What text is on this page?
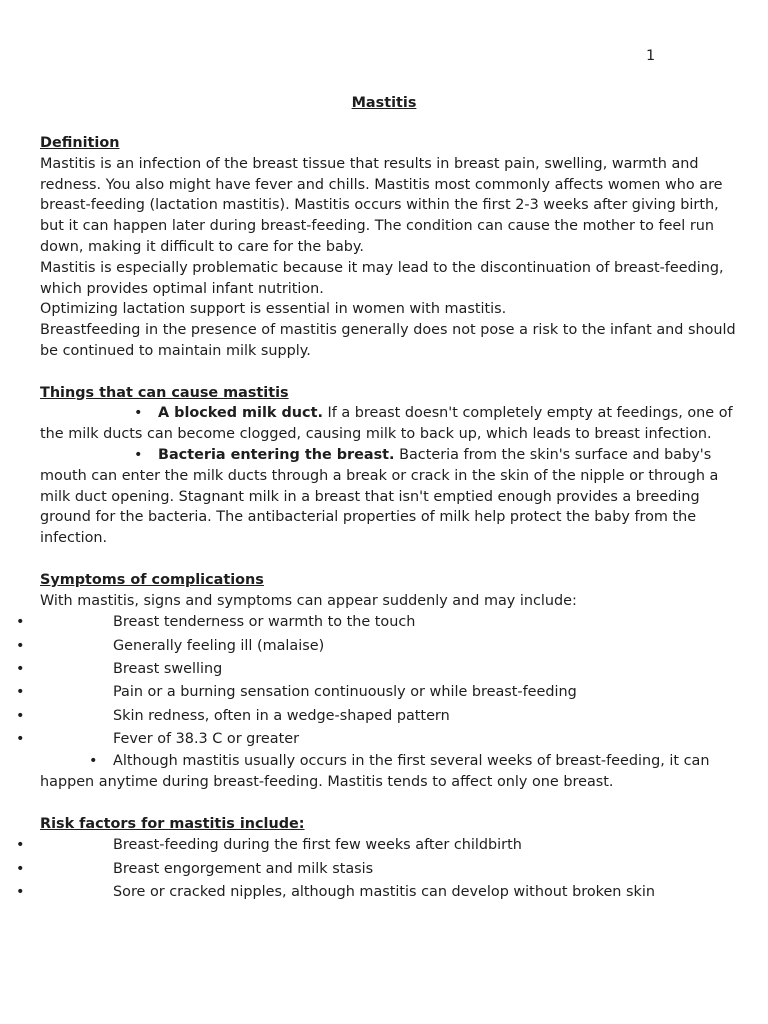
1
Mastitis
Definition

Mastitis is an infection of the breast tissue that results in breast pain, swelling, warmth and redness. You also might have fever and chills. Mastitis most commonly affects women who are breast-feeding (lactation mastitis). Mastitis occurs within the first 2-3 weeks after giving birth, but it can happen later during breast-feeding. The condition can cause the mother to feel run down, making it difficult to care for the baby.

Mastitis is especially problematic because it may lead to the discontinuation of breast-feeding, which provides optimal infant nutrition.

Optimizing lactation support is essential in women with mastitis.

Breastfeeding in the presence of mastitis generally does not pose a risk to the infant and should be continued to maintain milk supply.

Things that can cause mastitis
• A blocked milk duct. If a breast doesn't completely empty at feedings, one of the milk ducts can become clogged, causing milk to back up, which leads to breast infection.
• Bacteria entering the breast. Bacteria from the skin's surface and baby's mouth can enter the milk ducts through a break or crack in the skin of the nipple or through a milk duct opening. Stagnant milk in a breast that isn't emptied enough provides a breeding ground for the bacteria. The antibacterial properties of milk help protect the baby from the infection.
Symptoms of complications

With mastitis, signs and symptoms can appear suddenly and may include:

•	Breast tenderness or warmth to the touch
•	Generally feeling ill (malaise)
•	Breast swelling
•	Pain or a burning sensation continuously or while breast-feeding
•	Skin redness, often in a wedge-shaped pattern
•	Fever of 38.3 C or greater
• Although mastitis usually occurs in the first several weeks of breast-feeding, it can happen anytime during breast-feeding. Mastitis tends to affect only one breast.
Risk factors for mastitis include:
•	Breast-feeding during the first few weeks after childbirth
•	Breast engorgement and milk stasis
•	Sore or cracked nipples, although mastitis can develop without broken skin
